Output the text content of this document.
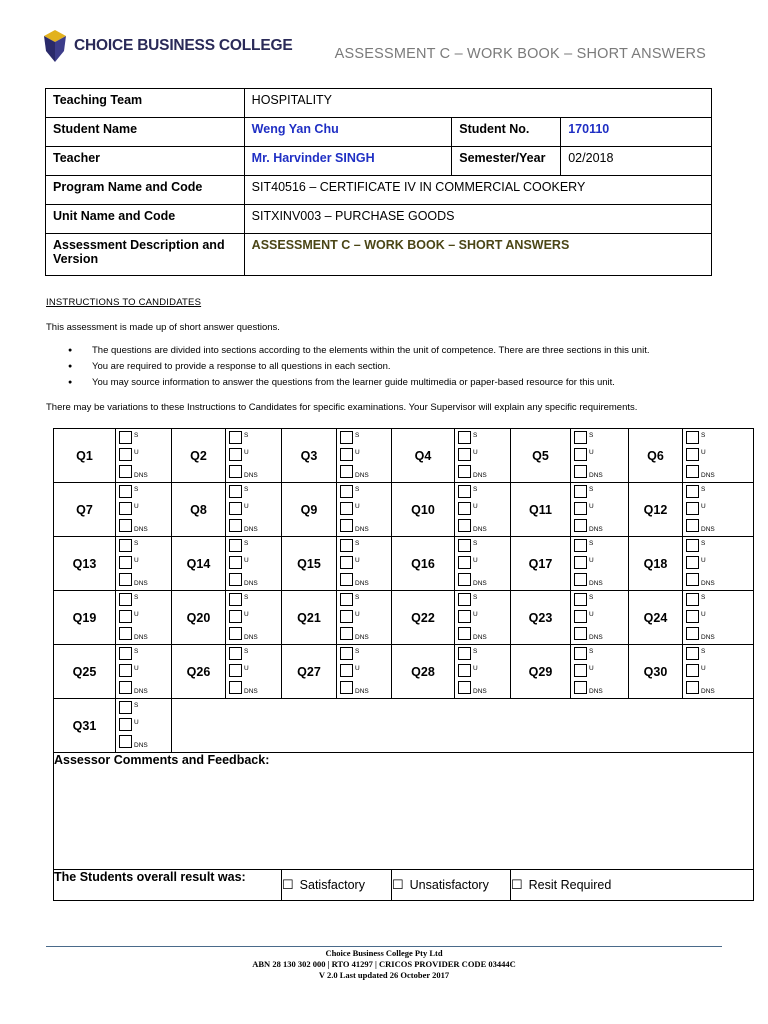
CHOICE BUSINESS COLLEGE	ASSESSMENT C – WORK BOOK – SHORT ANSWERS
Teaching Team	HOSPITALITY		
Student Name	Weng Yan Chu	Student No.	170110
Teacher	Mr. Harvinder SINGH	Semester/Year	02/2018
Program Name and Code	SIT40516 – CERTIFICATE IV IN COMMERCIAL COOKERY		
Unit Name and Code	SITXINV003 – PURCHASE GOODS		
Assessment Description and Version	ASSESSMENT C – WORK BOOK – SHORT ANSWERS		
INSTRUCTIONS TO CANDIDATES
This assessment is made up of short answer questions.
● The questions are divided into sections according to the elements within the unit of competence. There are three sections in this unit.
● You are required to provide a response to all questions in each section.
● You may source information to answer the questions from the learner guide multimedia or paper-based resource for this unit.
There may be variations to these Instructions to Candidates for specific examinations. Your Supervisor will explain any specific requirements.
Q1	S
U
DNS	Q2	S
U
DNS	Q3	S
U
DNS	Q4	S
U
DNS	Q5	S
U
DNS	Q6	S
U
DNS

Q7	S
U
DNS	Q8	S
U
DNS	Q9	S
U
DNS	Q10	S
U
DNS	Q11	S
U
DNS	Q12	S
U
DNS

Q13	S
U
DNS	Q14	S
U
DNS	Q15	S
U
DNS	Q16	S
U
DNS	Q17	S
U
DNS	Q18	S
U
DNS

Q19	S
U
DNS	Q20	S
U
DNS	Q21	S
U
DNS	Q22	S
U
DNS	Q23	S
U
DNS	Q24	S
U
DNS

Q25	S
U
DNS	Q26	S
U
DNS	Q27	S
U
DNS	Q28	S
U
DNS	Q29	S
U
DNS	Q30	S
U
DNS

Q31	S
U
DNS										

Assessor Comments and Feedback:											
The Students overall result was:				☐ Satisfactory		☐ Unsatisfactory		☐ Resit Required			
Choice Business College Pty Ltd
ABN 28 130 302 000 | RTO 41297 | CRICOS PROVIDER CODE 03444C
V 2.0 Last updated 26 October 2017
